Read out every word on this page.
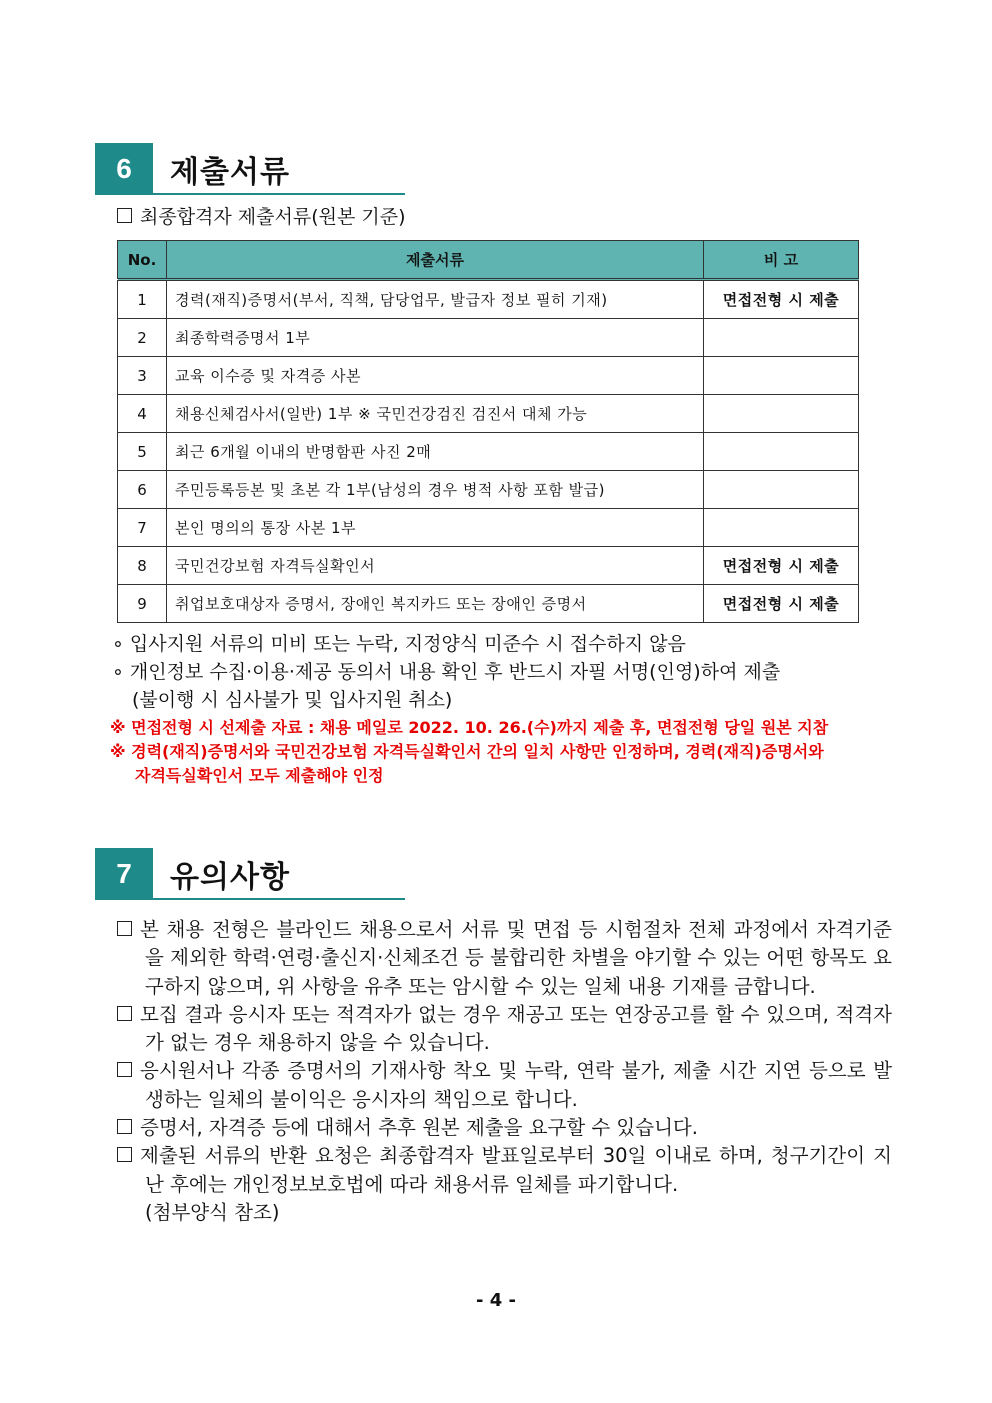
6	제출서류
최종합격자 제출서류(원본 기준)
No.	제출서류	비 고
1	경력(재직)증명서(부서, 직책, 담당업무, 발급자 정보 필히 기재)	면접전형 시 제출
2	최종학력증명서 1부	
3	교육 이수증 및 자격증 사본	
4	채용신체검사서(일반) 1부 ※ 국민건강검진 검진서 대체 가능	
5	최근 6개월 이내의 반명함판 사진 2매	
6	주민등록등본 및 초본 각 1부(남성의 경우 병적 사항 포함 발급)	
7	본인 명의의 통장 사본 1부	
8	국민건강보험 자격득실확인서	면접전형 시 제출
9	취업보호대상자 증명서, 장애인 복지카드 또는 장애인 증명서	면접전형 시 제출
∘ 입사지원 서류의 미비 또는 누락, 지정양식 미준수 시 접수하지 않음
∘ 개인정보 수집·이용·제공 동의서 내용 확인 후 반드시 자필 서명(인영)하여 제출
(불이행 시 심사불가 및 입사지원 취소)
※ 면접전형 시 선제출 자료 : 채용 메일로 2022. 10. 26.(수)까지 제출 후, 면접전형 당일 원본 지참
※ 경력(재직)증명서와 국민건강보험 자격득실확인서 간의 일치 사항만 인정하며, 경력(재직)증명서와
자격득실확인서 모두 제출해야 인정
7	유의사항

본 채용 전형은 블라인드 채용으로서 서류 및 면접 등 시험절차 전체 과정에서 자격기준을 제외한 학력·연령·출신지·신체조건 등 불합리한 차별을 야기할 수 있는 어떤 항목도 요구하지 않으며, 위 사항을 유추 또는 암시할 수 있는 일체 내용 기재를 금합니다.

모집 결과 응시자 또는 적격자가 없는 경우 재공고 또는 연장공고를 할 수 있으며, 적격자가 없는 경우 채용하지 않을 수 있습니다.

응시원서나 각종 증명서의 기재사항 착오 및 누락, 연락 불가, 제출 시간 지연 등으로 발생하는 일체의 불이익은 응시자의 책임으로 합니다.

증명서, 자격증 등에 대해서 추후 원본 제출을 요구할 수 있습니다.

제출된 서류의 반환 요청은 최종합격자 발표일로부터 30일 이내로 하며, 청구기간이 지난 후에는 개인정보보호법에 따라 채용서류 일체를 파기합니다.

(첨부양식 참조)

- 4 -
